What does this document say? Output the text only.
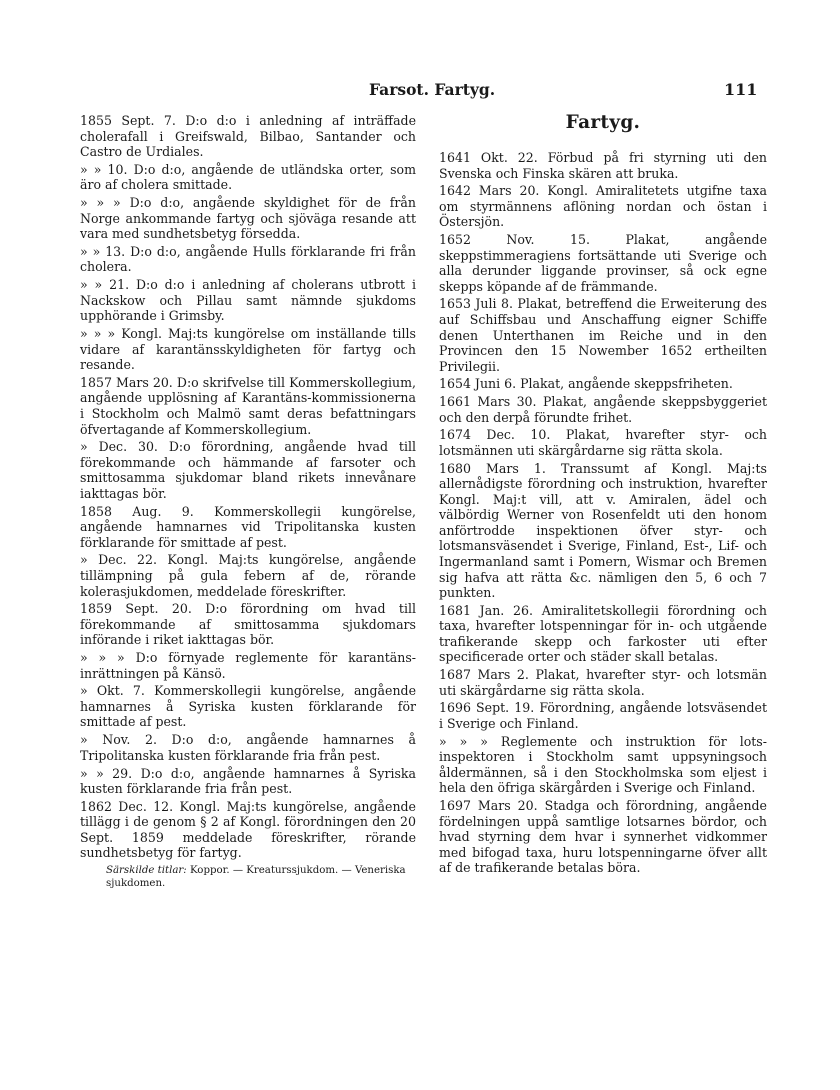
Farsot. Fartyg.	111
1855 Sept. 7. D:o d:o i anledning af inträffade cholerafall i Greifswald, Bilbao, Santander och Castro de Urdiales.
» » 10. D:o d:o, angående de utländska orter, som äro af cholera smittade.
» » » D:o d:o, angående skyldighet för de från Norge ankommande fartyg och sjöväga resande att vara med sundhetsbetyg försedda.
» » 13. D:o d:o, angående Hulls förklarande fri från cholera.
» » 21. D:o d:o i anledning af cholerans utbrott i Nackskow och Pillau samt nämnde sjukdoms upphörande i Grimsby.
» » » Kongl. Maj:ts kungörelse om inställande tills vidare af karantänsskyldigheten för fartyg och resande.
1857 Mars 20. D:o skrifvelse till Kommerskollegium, angående upplösning af Karantäns-kommissionerna i Stockholm och Malmö samt deras befattningars öfvertagande af Kommerskollegium.
» Dec. 30. D:o förordning, angående hvad till förekommande och hämmande af farsoter och smittosamma sjukdomar bland rikets innevånare iakttagas bör.
1858 Aug. 9. Kommerskollegii kungörelse, angående hamnarnes vid Tripolitanska kusten förklarande för smittade af pest.
» Dec. 22. Kongl. Maj:ts kungörelse, angående tillämpning på gula febern af de, rörande kolerasjukdomen, meddelade föreskrifter.
1859 Sept. 20. D:o förordning om hvad till förekommande af smittosamma sjukdomars införande i riket iakttagas bör.
» » » D:o förnyade reglemente för karantäns-inrättningen på Känsö.
» Okt. 7. Kommerskollegii kungörelse, angående hamnarnes å Syriska kusten förklarande för smittade af pest.
» Nov. 2. D:o d:o, angående hamnarnes å Tripolitanska kusten förklarande fria från pest.
» » 29. D:o d:o, angående hamnarnes å Syriska kusten förklarande fria från pest.
1862 Dec. 12. Kongl. Maj:ts kungörelse, angående tillägg i de genom § 2 af Kongl. förordningen den 20 Sept. 1859 meddelade föreskrifter, rörande sundhetsbetyg för fartyg.
Särskilde titlar: Koppor. — Kreaturssjukdom. — Veneriska sjukdomen.
Fartyg.
1641 Okt. 22. Förbud på fri styrning uti den Svenska och Finska skären att bruka.
1642 Mars 20. Kongl. Amiralitetets utgifne taxa om styrmännens aflöning nordan och östan i Östersjön.
1652 Nov. 15.	Plakat, angående skeppstimmeragiens fortsättande uti Sverige och alla derunder liggande provinser, så ock egne skepps köpande af de främmande.
1653 Juli 8. Plakat, betreffend die Erweiterung des auf Schiffsbau und Anschaffung eigner Schiffe denen Unterthanen im Reiche und in den Provincen den 15 Nowember 1652 ertheilten Privilegii.
1654 Juni 6. Plakat, angående skeppsfriheten.
1661 Mars 30. Plakat, angående skeppsbyggeriet och den derpå förundte frihet.
1674 Dec. 10. Plakat, hvarefter styr- och lotsmännen uti skärgårdarne sig rätta skola.
1680 Mars 1. Transsumt af Kongl. Maj:ts allernådigste förordning och instruktion, hvarefter Kongl. Maj:t vill, att v. Amiralen, ädel och välbördig Werner von Rosenfeldt uti den honom anförtrodde inspektionen öfver styr- och lotsmansväsendet i Sverige, Finland, Est-, Lif- och Ingermanland samt i Pomern, Wismar och Bremen sig hafva att rätta &c. nämligen den 5, 6 och 7 punkten.
1681 Jan. 26. Amiralitetskollegii förordning och taxa, hvarefter lotspenningar för in- och utgående trafikerande skepp och farkoster uti efter specificerade orter och städer skall betalas.
1687 Mars 2. Plakat, hvarefter styr- och lotsmän uti skärgårdarne sig rätta skola.
1696 Sept. 19. Förordning, angående lotsväsendet i Sverige och Finland.
» » » Reglemente och instruktion för lots-inspektoren i Stockholm samt uppsyningsoch åldermännen, så i den Stockholmska som eljest i hela den öfriga skärgården i Sverige och Finland.
1697 Mars 20. Stadga och förordning, angående fördelningen uppå samtlige lotsarnes bördor, och hvad styrning dem hvar i synnerhet vidkommer med bifogad taxa, huru lotspenningarne öfver allt af de trafikerande betalas böra.
